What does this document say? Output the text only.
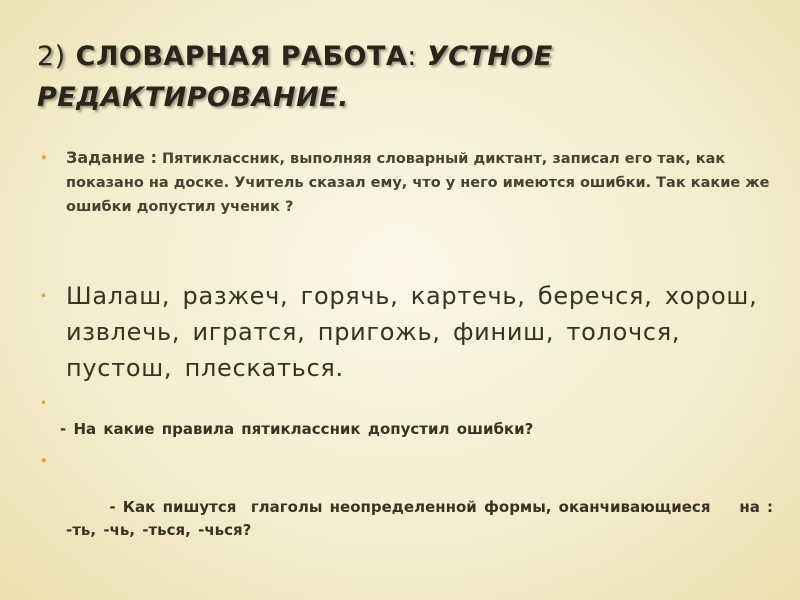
2) СЛОВАРНАЯ РАБОТА: УСТНОЕ РЕДАКТИРОВАНИЕ.
• Задание : Пятиклассник, выполняя словарный диктант, записал его так, как показано на доске. Учитель сказал ему, что у него имеются ошибки. Так какие же ошибки допустил ученик ?
• Шалаш, разжеч, горячь, картечь, беречся, хорош, извлечь, игратся, пригожь, финиш, толочся, пустош, плескаться.
•
- На какие правила пятиклассник допустил ошибки?

•

- Как пишутся  глаголы неопределенной формы, оканчивающиеся    на :  -ть, -чь, -ться, -чься?
